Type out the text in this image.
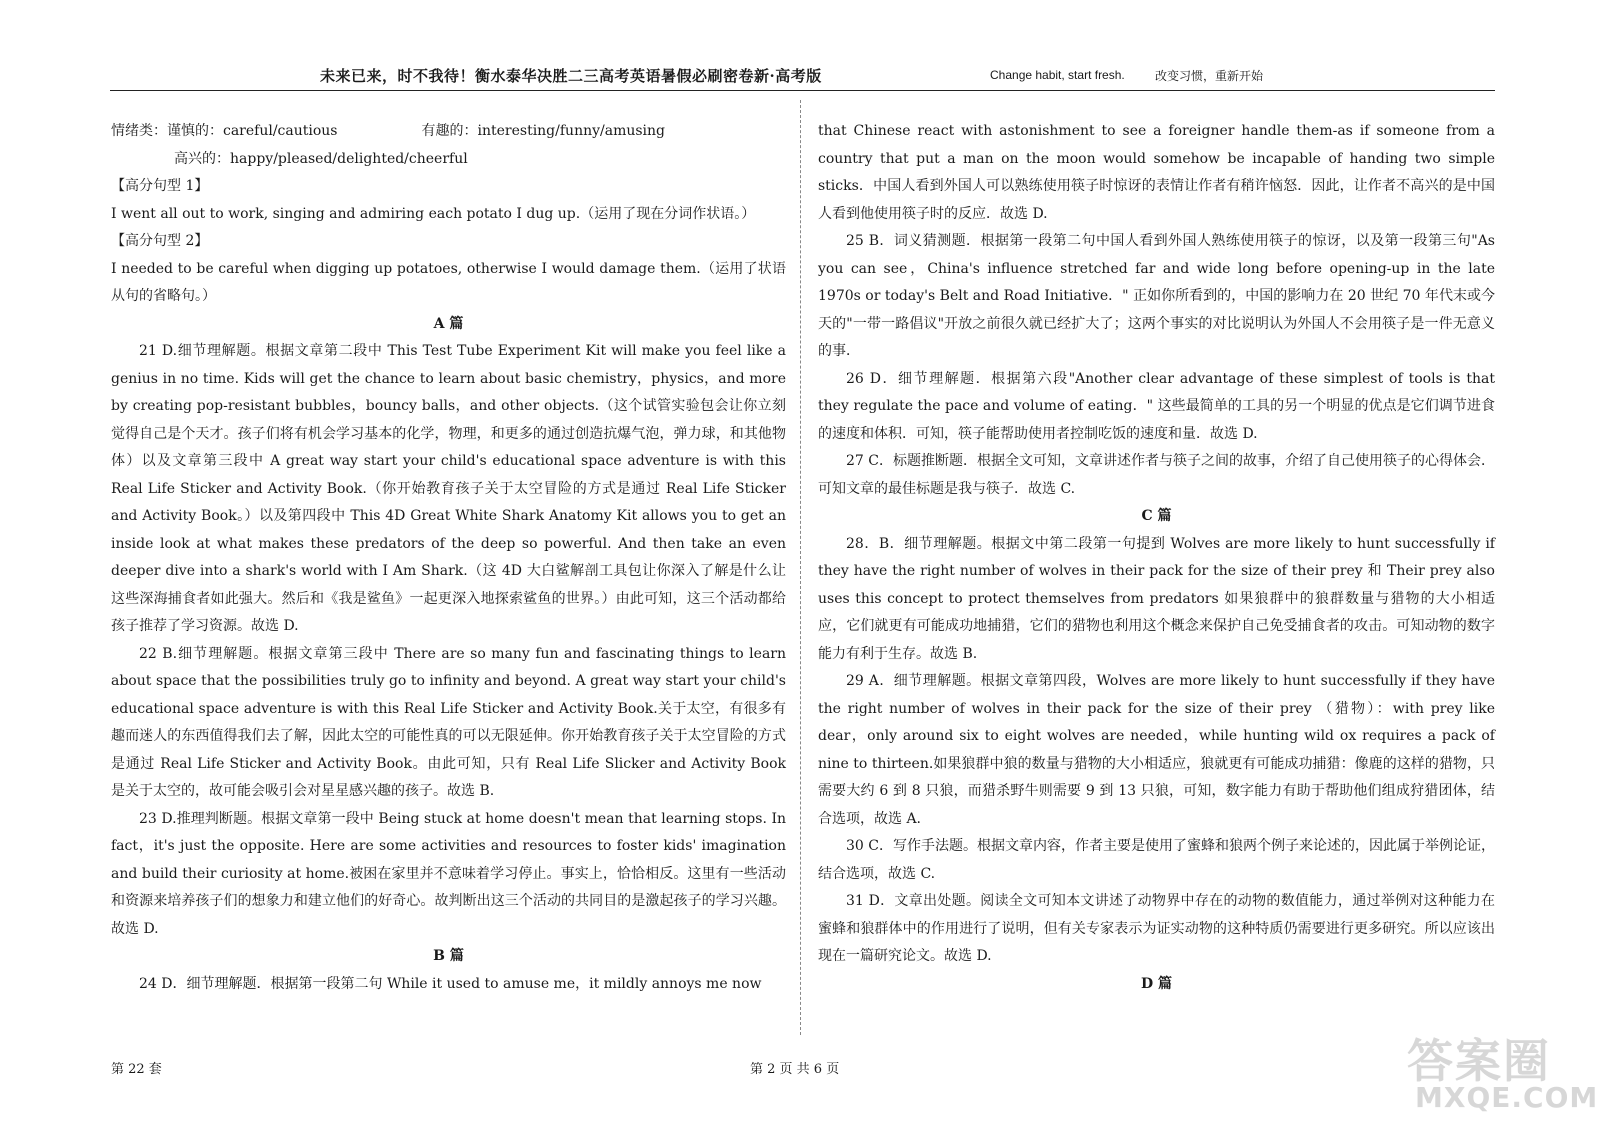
未来已来，时不我待！衡水泰华决胜二三高考英语暑假必刷密卷新·高考版	Change habit, start fresh.	改变习惯，重新开始

情绪类：谨慎的：careful/cautious	有趣的：interesting/funny/amusing

高兴的：happy/pleased/delighted/cheerful

【高分句型 1】

I went all out to work, singing and admiring each potato I dug up.（运用了现在分词作状语。）

【高分句型 2】

I needed to be careful when digging up potatoes, otherwise I would damage them.（运用了状语从句的省略句。）

A 篇

21 D.细节理解题。根据文章第二段中 This Test Tube Experiment Kit will make you feel like a genius in no time. Kids will get the chance to learn about basic chemistry，physics，and more by creating pop-resistant bubbles，bouncy balls，and other objects.（这个试管实验包会让你立刻觉得自己是个天才。孩子们将有机会学习基本的化学，物理，和更多的通过创造抗爆气泡，弹力球，和其他物体）以及文章第三段中 A great way start your child's educational space adventure is with this Real Life Sticker and Activity Book.（你开始教育孩子关于太空冒险的方式是通过 Real Life Sticker and Activity Book。）以及第四段中 This 4D Great White Shark Anatomy Kit allows you to get an inside look at what makes these predators of the deep so powerful. And then take an even deeper dive into a shark's world with I Am Shark.（这 4D 大白鲨解剖工具包让你深入了解是什么让这些深海捕食者如此强大。然后和《我是鲨鱼》一起更深入地探索鲨鱼的世界。）由此可知，这三个活动都给孩子推荐了学习资源。故选 D.

22 B.细节理解题。根据文章第三段中 There are so many fun and fascinating things to learn about space that the possibilities truly go to infinity and beyond. A great way start your child's educational space adventure is with this Real Life Sticker and Activity Book.关于太空，有很多有趣而迷人的东西值得我们去了解，因此太空的可能性真的可以无限延伸。你开始教育孩子关于太空冒险的方式是通过 Real Life Sticker and Activity Book。由此可知，只有 Real Life Slicker and Activity Book 是关于太空的，故可能会吸引会对星星感兴趣的孩子。故选 B.

23 D.推理判断题。根据文章第一段中 Being stuck at home doesn't mean that learning stops. In fact，it's just the opposite. Here are some activities and resources to foster kids' imagination and build their curiosity at home.被困在家里并不意味着学习停止。事实上，恰恰相反。这里有一些活动和资源来培养孩子们的想象力和建立他们的好奇心。故判断出这三个活动的共同目的是激起孩子的学习兴趣。故选 D.

B 篇

24 D．细节理解题．根据第一段第二句 While it used to amuse me，it mildly annoys me now

that Chinese react with astonishment to see a foreigner handle them-as if someone from a country that put a man on the moon would somehow be incapable of handing two simple sticks．中国人看到外国人可以熟练使用筷子时惊讶的表情让作者有稍许恼怒．因此，让作者不高兴的是中国人看到他使用筷子时的反应．故选 D.

25 B．词义猜测题．根据第一段第二句中国人看到外国人熟练使用筷子的惊讶，以及第一段第三句"As you can see，China's influence stretched far and wide long before opening-up in the late 1970s or today's Belt and Road Initiative．" 正如你所看到的，中国的影响力在 20 世纪 70 年代末或今天的"一带一路倡议"开放之前很久就已经扩大了；这两个事实的对比说明认为外国人不会用筷子是一件无意义的事．

26 D．细节理解题．根据第六段"Another clear advantage of these simplest of tools is that they regulate the pace and volume of eating．" 这些最简单的工具的另一个明显的优点是它们调节进食的速度和体积．可知，筷子能帮助使用者控制吃饭的速度和量．故选 D.

27 C．标题推断题．根据全文可知，文章讲述作者与筷子之间的故事，介绍了自己使用筷子的心得体会．可知文章的最佳标题是我与筷子．故选 C.

C 篇

28．B．细节理解题。根据文中第二段第一句提到 Wolves are more likely to hunt successfully if they have the right number of wolves in their pack for the size of their prey 和 Their prey also uses this concept to protect themselves from predators 如果狼群中的狼群数量与猎物的大小相适应，它们就更有可能成功地捕猎，它们的猎物也利用这个概念来保护自己免受捕食者的攻击。可知动物的数字能力有利于生存。故选 B.

29 A．细节理解题。根据文章第四段，Wolves are more likely to hunt successfully if they have the right number of wolves in their pack for the size of their prey （猎物）：with prey like dear，only around six to eight wolves are needed，while hunting wild ox requires a pack of nine to thirteen.如果狼群中狼的数量与猎物的大小相适应，狼就更有可能成功捕猎：像鹿的这样的猎物，只需要大约 6 到 8 只狼，而猎杀野牛则需要 9 到 13 只狼，可知，数字能力有助于帮助他们组成狩猎团体，结合选项，故选 A.

30 C．写作手法题。根据文章内容，作者主要是使用了蜜蜂和狼两个例子来论述的，因此属于举例论证，结合选项，故选 C.

31 D．文章出处题。阅读全文可知本文讲述了动物界中存在的动物的数值能力，通过举例对这种能力在蜜蜂和狼群体中的作用进行了说明，但有关专家表示为证实动物的这种特质仍需要进行更多研究。所以应该出现在一篇研究论文。故选 D.

D 篇

第 22 套	第 2 页 共 6 页	答案圈
MXQE.COM
